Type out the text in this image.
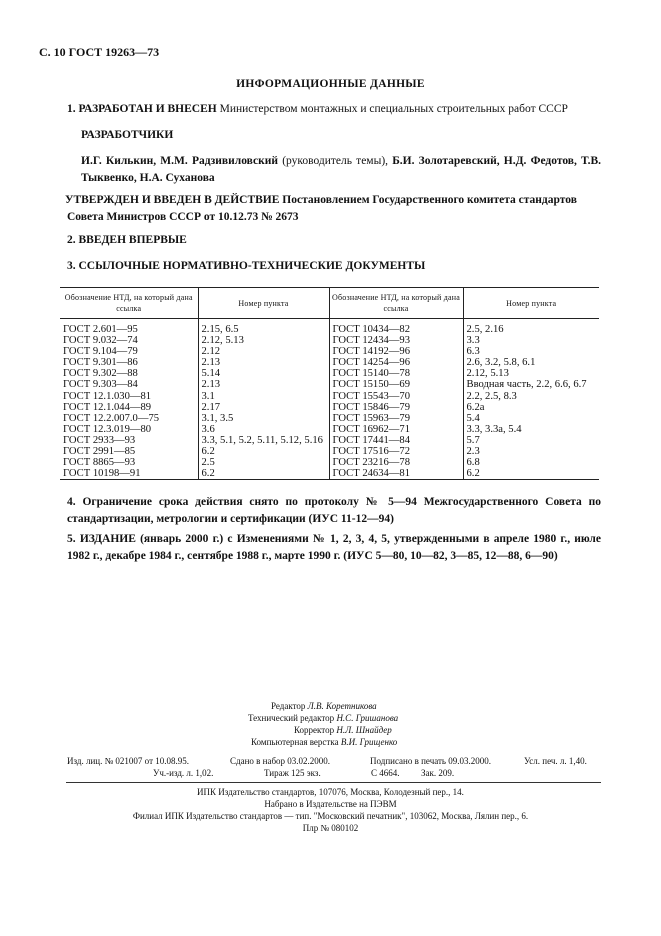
С. 10 ГОСТ 19263—73
ИНФОРМАЦИОННЫЕ ДАННЫЕ
1. РАЗРАБОТАН И ВНЕСЕН Министерством монтажных и специальных строительных работ СССР
РАЗРАБОТЧИКИ
И.Г. Килькин, М.М. Радзивиловский (руководитель темы), Б.И. Золотаревский, Н.Д. Федотов, Т.В. Тыквенко, Н.А. Суханова
УТВЕРЖДЕН И ВВЕДЕН В ДЕЙСТВИЕ Постановлением Государственного комитета стандартов Совета Министров СССР от 10.12.73 № 2673
2. ВВЕДЕН ВПЕРВЫЕ
3. ССЫЛОЧНЫЕ НОРМАТИВНО-ТЕХНИЧЕСКИЕ ДОКУМЕНТЫ
Обозначение НТД, на который дана ссылка	Номер пункта	Обозначение НТД, на который дана ссылка	Номер пункта
ГОСТ 2.601—95	2.15, 6.5	ГОСТ 10434—82	2.5, 2.16
ГОСТ 9.032—74	2.12, 5.13	ГОСТ 12434—93	3.3
ГОСТ 9.104—79	2.12	ГОСТ 14192—96	6.3
ГОСТ 9.301—86	2.13	ГОСТ 14254—96	2.6, 3.2, 5.8, 6.1
ГОСТ 9.302—88	5.14	ГОСТ 15140—78	2.12, 5.13
ГОСТ 9.303—84	2.13	ГОСТ 15150—69	Вводная часть, 2.2, 6.6, 6.7
ГОСТ 12.1.030—81	3.1	ГОСТ 15543—70	2.2, 2.5, 8.3
ГОСТ 12.1.044—89	2.17	ГОСТ 15846—79	6.2а
ГОСТ 12.2.007.0—75	3.1, 3.5	ГОСТ 15963—79	5.4
ГОСТ 12.3.019—80	3.6	ГОСТ 16962—71	3.3, 3.3а, 5.4
ГОСТ 2933—93	3.3, 5.1, 5.2, 5.11, 5.12, 5.16	ГОСТ 17441—84	5.7
ГОСТ 2991—85	6.2	ГОСТ 17516—72	2.3
ГОСТ 8865—93	2.5	ГОСТ 23216—78	6.8
ГОСТ 10198—91	6.2	ГОСТ 24634—81	6.2
4. Ограничение срока действия снято по протоколу № 5—94 Межгосударственного Совета по стандартизации, метрологии и сертификации (ИУС 11-12—94)
5. ИЗДАНИЕ (январь 2000 г.) с Изменениями № 1, 2, 3, 4, 5, утвержденными в апреле 1980 г., июле 1982 г., декабре 1984 г., сентябре 1988 г., марте 1990 г. (ИУС 5—80, 10—82, 3—85, 12—88, 6—90)
Редактор Л.В. Коретникова
Технический редактор Н.С. Гришанова
Корректор Н.Л. Шнайдер
Компьютерная верстка В.И. Грищенко
Изд. лиц. № 021007 от 10.08.95.	Сдано в набор 03.02.2000.	Подписано в печать 09.03.2000.	Усл. печ. л. 1,40.
Уч.-изд. л. 1,02.	Тираж 125 экз.	С 4664. Зак. 209.
ИПК Издательство стандартов, 107076, Москва, Колодезный пер., 14.
Набрано в Издательстве на ПЭВМ
Филиал ИПК Издательство стандартов — тип. "Московский печатник", 103062, Москва, Лялин пер., 6.
Плр № 080102
